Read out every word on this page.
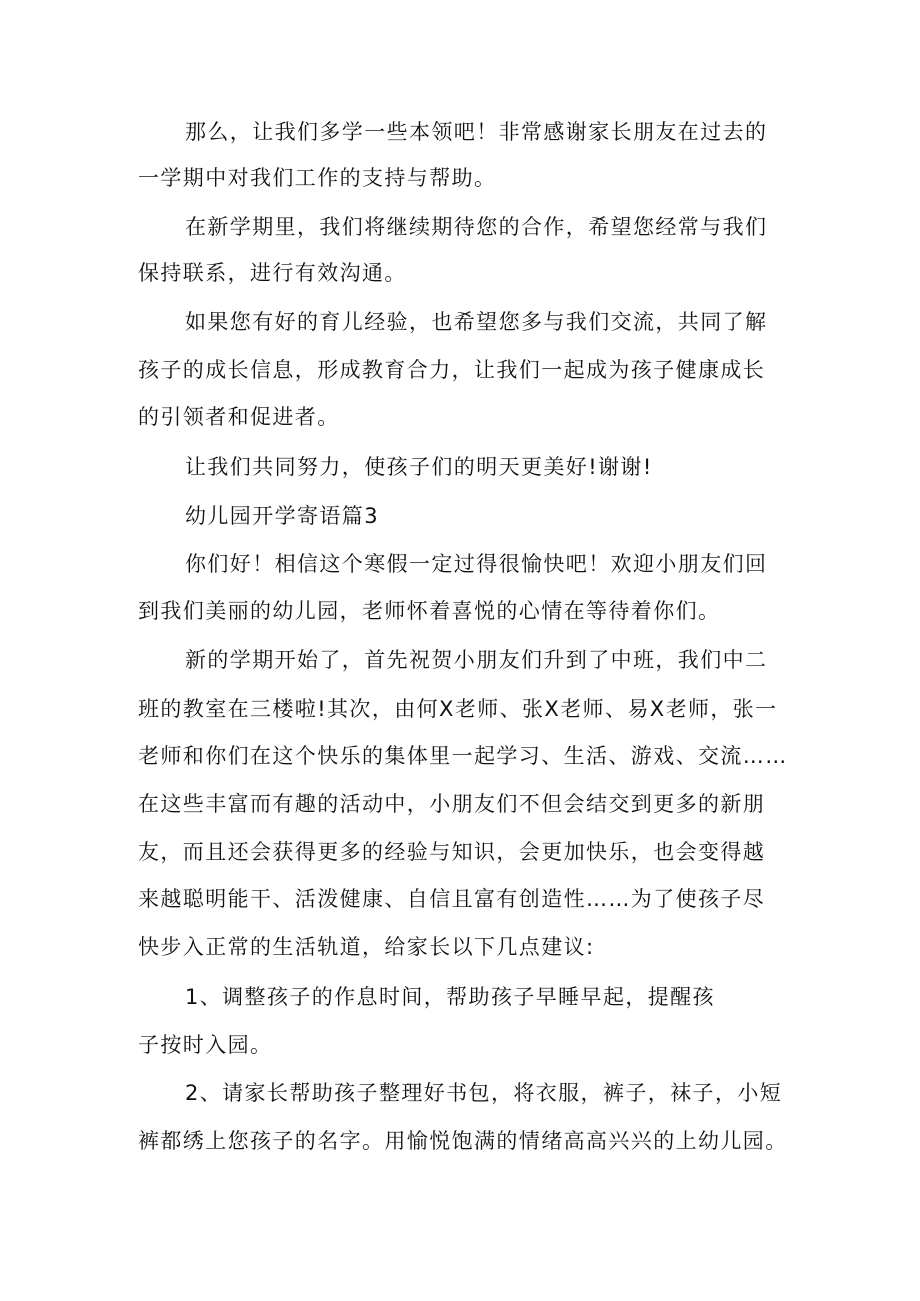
那么，让我们多学一些本领吧！非常感谢家长朋友在过去的
一学期中对我们工作的支持与帮助。
在新学期里，我们将继续期待您的合作，希望您经常与我们
保持联系，进行有效沟通。
如果您有好的育儿经验，也希望您多与我们交流，共同了解
孩子的成长信息，形成教育合力，让我们一起成为孩子健康成长
的引领者和促进者。
让我们共同努力，使孩子们的明天更美好!谢谢!
幼儿园开学寄语篇3
你们好！相信这个寒假一定过得很愉快吧！欢迎小朋友们回
到我们美丽的幼儿园，老师怀着喜悦的心情在等待着你们。
新的学期开始了，首先祝贺小朋友们升到了中班，我们中二
班的教室在三楼啦!其次，由何X老师、张X老师、易X老师，张一
老师和你们在这个快乐的集体里一起学习、生活、游戏、交流……
在这些丰富而有趣的活动中，小朋友们不但会结交到更多的新朋
友，而且还会获得更多的经验与知识，会更加快乐，也会变得越
来越聪明能干、活泼健康、自信且富有创造性……为了使孩子尽
快步入正常的生活轨道，给家长以下几点建议:
1、调整孩子的作息时间，帮助孩子早睡早起，提醒孩
子按时入园。
2、请家长帮助孩子整理好书包，将衣服，裤子，袜子，小短
裤都绣上您孩子的名字。用愉悦饱满的情绪高高兴兴的上幼儿园。
